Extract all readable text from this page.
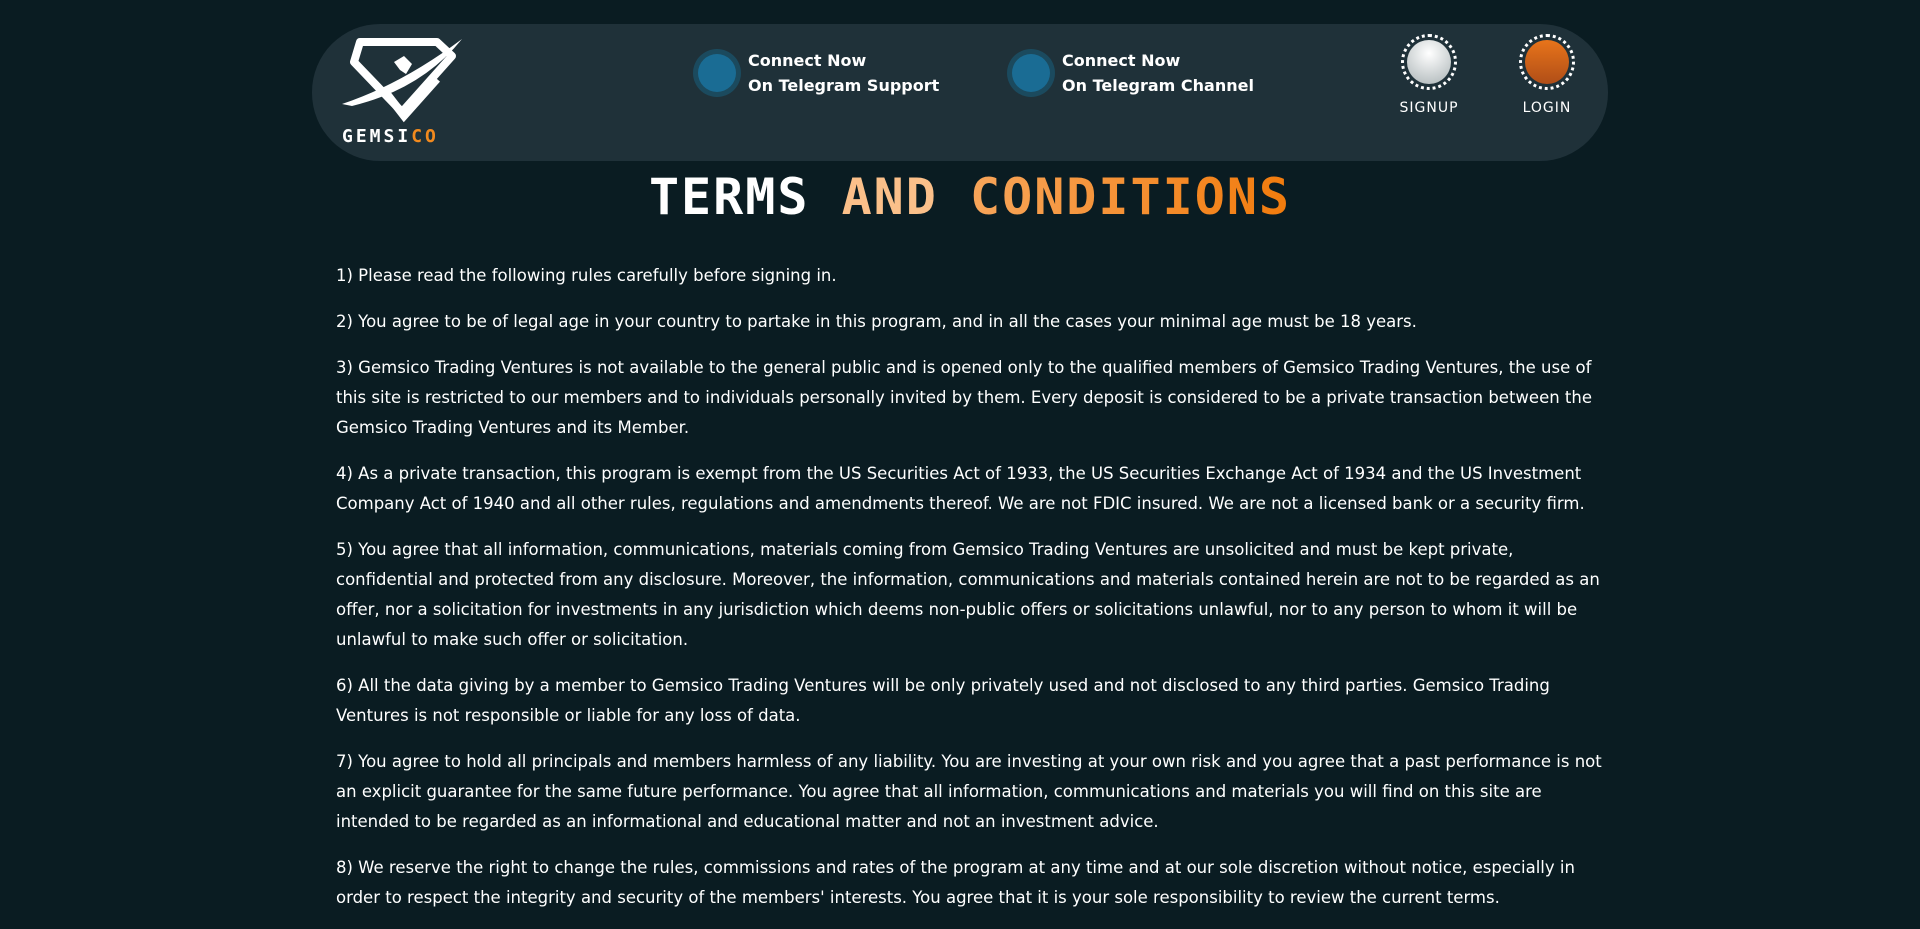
GEMSICO
Connect Now
On Telegram Support
Connect Now
On Telegram Channel
SIGNUP	LOGIN
TERMS AND CONDITIONS

1) Please read the following rules carefully before signing in.

2) You agree to be of legal age in your country to partake in this program, and in all the cases your minimal age must be 18 years.

3) Gemsico Trading Ventures is not available to the general public and is opened only to the qualified members of Gemsico Trading Ventures, the use of this site is restricted to our members and to individuals personally invited by them. Every deposit is considered to be a private transaction between the Gemsico Trading Ventures and its Member.

4) As a private transaction, this program is exempt from the US Securities Act of 1933, the US Securities Exchange Act of 1934 and the US Investment Company Act of 1940 and all other rules, regulations and amendments thereof. We are not FDIC insured. We are not a licensed bank or a security firm.

5) You agree that all information, communications, materials coming from Gemsico Trading Ventures are unsolicited and must be kept private, confidential and protected from any disclosure. Moreover, the information, communications and materials contained herein are not to be regarded as an offer, nor a solicitation for investments in any jurisdiction which deems non-public offers or solicitations unlawful, nor to any person to whom it will be unlawful to make such offer or solicitation.

6) All the data giving by a member to Gemsico Trading Ventures will be only privately used and not disclosed to any third parties. Gemsico Trading Ventures is not responsible or liable for any loss of data.

7) You agree to hold all principals and members harmless of any liability. You are investing at your own risk and you agree that a past performance is not an explicit guarantee for the same future performance. You agree that all information, communications and materials you will find on this site are intended to be regarded as an informational and educational matter and not an investment advice.

8) We reserve the right to change the rules, commissions and rates of the program at any time and at our sole discretion without notice, especially in order to respect the integrity and security of the members' interests. You agree that it is your sole responsibility to review the current terms.
